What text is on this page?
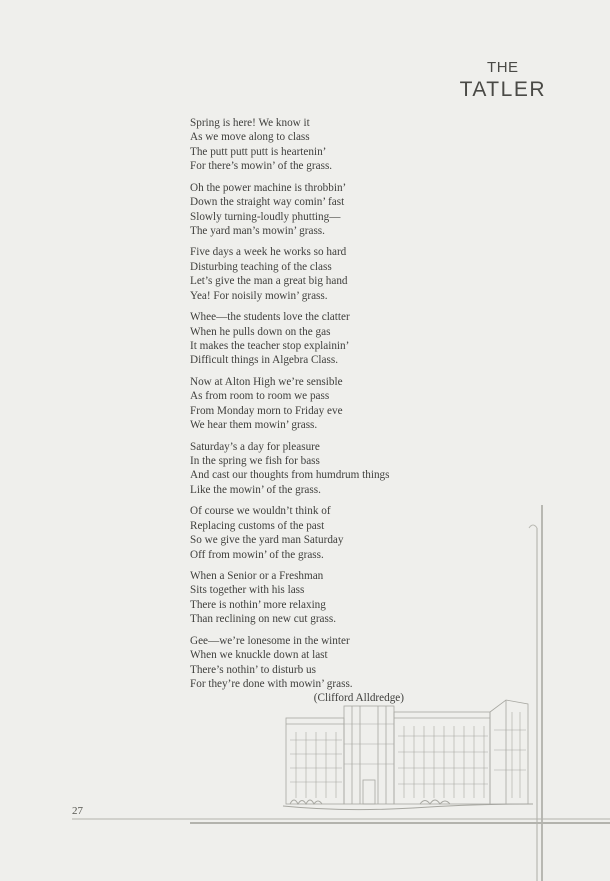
THE
TATLER
Spring is here! We know it
As we move along to class
The putt putt putt is heartenin’
For there’s mowin’ of the grass.
Oh the power machine is throbbin’
Down the straight way comin’ fast
Slowly turning-loudly phutting—
The yard man’s mowin’ grass.
Five days a week he works so hard
Disturbing teaching of the class
Let’s give the man a great big hand
Yea! For noisily mowin’ grass.
Whee—the students love the clatter
When he pulls down on the gas
It makes the teacher stop explainin’
Difficult things in Algebra Class.
Now at Alton High we’re sensible
As from room to room we pass
From Monday morn to Friday eve
We hear them mowin’ grass.
Saturday’s a day for pleasure
In the spring we fish for bass
And cast our thoughts from humdrum things
Like the mowin’ of the grass.
Of course we wouldn’t think of
Replacing customs of the past
So we give the yard man Saturday
Off from mowin’ of the grass.
When a Senior or a Freshman
Sits together with his lass
There is nothin’ more relaxing
Than reclining on new cut grass.
Gee—we’re lonesome in the winter
When we knuckle down at last
There’s nothin’ to disturb us
For they’re done with mowin’ grass.
(Clifford Alldredge)
27
